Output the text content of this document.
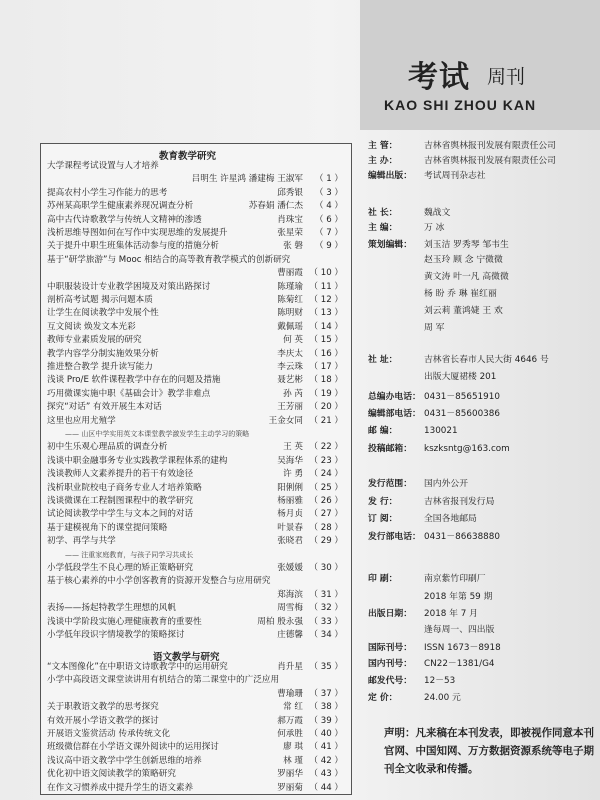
考试 周刊
KAO SHI ZHOU KAN
教育教学研究
大学课程考试设置与人才培养
吕明生 许星鸿 潘建梅 王淑军 （ 1 ）
提高农村小学生习作能力的思考	邱秀银 （ 3 ）
苏州某高职学生健康素养现况调查分析	苏春娟 潘仁杰 （ 4 ）
高中古代诗歌教学与传统人文精神的渗透	肖珠宝 （ 6 ）
浅析思维导图如何在写作中实现思维的发展提升	张星荣 （ 7 ）
关于提升中职生班集体活动参与度的措施分析	张 磐 （ 9 ）
基于“研学旅游”与 Mooc 相结合的高等教育教学模式的创新研究
曹丽霞 （ 10 ）
中职服装设计专业教学困境及对策出路探讨	陈瑾瑜 （ 11 ）
剖析高考试题 揭示问题本质	陈菊红 （ 12 ）
让学生在阅读教学中发展个性	陈明财 （ 13 ）
互文阅读 焕发文本光彩	戴佩瑶 （ 14 ）
教师专业素质发展的研究	何 英 （ 15 ）
教学内容学分制实施效果分析	李庆太 （ 16 ）
推进整合教学 提升读写能力	李云珠 （ 17 ）
浅谈 Pro/E 软件课程教学中存在的问题及措施	聂艺彬 （ 18 ）
巧用微课实施中职《基础会计》教学非难点	孙 芮 （ 19 ）
探究“对话” 有效开展生本对话	王芳丽 （ 20 ）
这里也应用尤殖学	王金女同 （ 21 ）
—— 山区中学实用英文本课堂教学激发学生主动学习的策略
初中生乐观心理品质的调查分析	王 英 （ 22 ）
浅谈中职金融事务专业实践教学课程体系的建构	吴海华 （ 23 ）
浅谈教师人文素养提升的若干有效途径	许 勇 （ 24 ）
浅析职业院校电子商务专业人才培养策略	阳俐俐 （ 25 ）
浅谈微课在工程制图课程中的教学研究	杨丽雅 （ 26 ）
试论阅读教学中学生与文本之间的对话	杨月贞 （ 27 ）
基于建模视角下的课堂提问策略	叶景春 （ 28 ）
初学、再学与共学	张晓君 （ 29 ）
—— 注重家庭教育，与孩子同学习共成长
小学低段学生不良心理的矫正策略研究	张媛媛 （ 30 ）
基于核心素养的中小学创客教育的资源开发整合与应用研究
郑海滨 （ 31 ）
表扬——扬起特教学生理想的风帆	周雪梅 （ 32 ）
浅谈中学阶段实施心理健康教育的重要性	周柏 殷永强 （ 33 ）
小学低年段识字情境教学的策略探讨	庄德馨 （ 34 ）
语文教学与研究
“文本图像化”在中职语文诗歌教学中的运用研究	肖升星 （ 35 ）
小学中高段语文课堂读讲用有机结合的第二课堂中的广泛应用
曹瑜珊 （ 37 ）
关于职教语文教学的思考探究	常 红 （ 38 ）
有效开展小学语文教学的探讨	郝万霞 （ 39 ）
开展语文鉴赏活动 传承传统文化	何承胜 （ 40 ）
班级微信群在小学语文课外阅读中的运用探讨	廖 琪 （ 41 ）
浅议高中语文教学中学生创新思维的培养	林 瑾 （ 42 ）
优化初中语文阅读教学的策略研究	罗丽华 （ 43 ）
在作文习惯养成中提升学生的语文素养	罗丽菊 （ 44 ）
主 管：	吉林省舆林报刊发展有限责任公司
主 办：	吉林省舆林报刊发展有限责任公司
编辑出版： 考试周刊杂志社
社 长：	魏战文
主 编：	万 冰
策划编辑： 刘玉洁 罗秀琴 邹韦生
赵玉玲 顾 念 宁微微
黄文涛 叶一凡 高微微
杨 盼 乔 琳 崔红丽
刘云莉 董鸿婕 王 欢
周 军
社 址：	吉林省长春市人民大街 4646 号
出版大厦裙楼 201
总编办电话： 0431－85651910
编辑部电话： 0431－85600386
邮 编：	130021
投稿邮箱： kszksntg@163.com
发行范围： 国内外公开
发 行：	吉林省报刊发行局
订 阅：	全国各地邮局
发行部电话： 0431－86638880
印 刷：	南京紫竹印刷厂
2018 年第 59 期
出版日期： 2018 年 7 月
逢每周一、四出版
国际刊号： ISSN 1673－8918
国内刊号： CN22－1381/G4
邮发代号： 12－53
定 价：	24.00 元
声明：凡来稿在本刊发表，即被视作同意本刊官网、中国知网、万方数据资源系统等电子期刊全文收录和传播。
